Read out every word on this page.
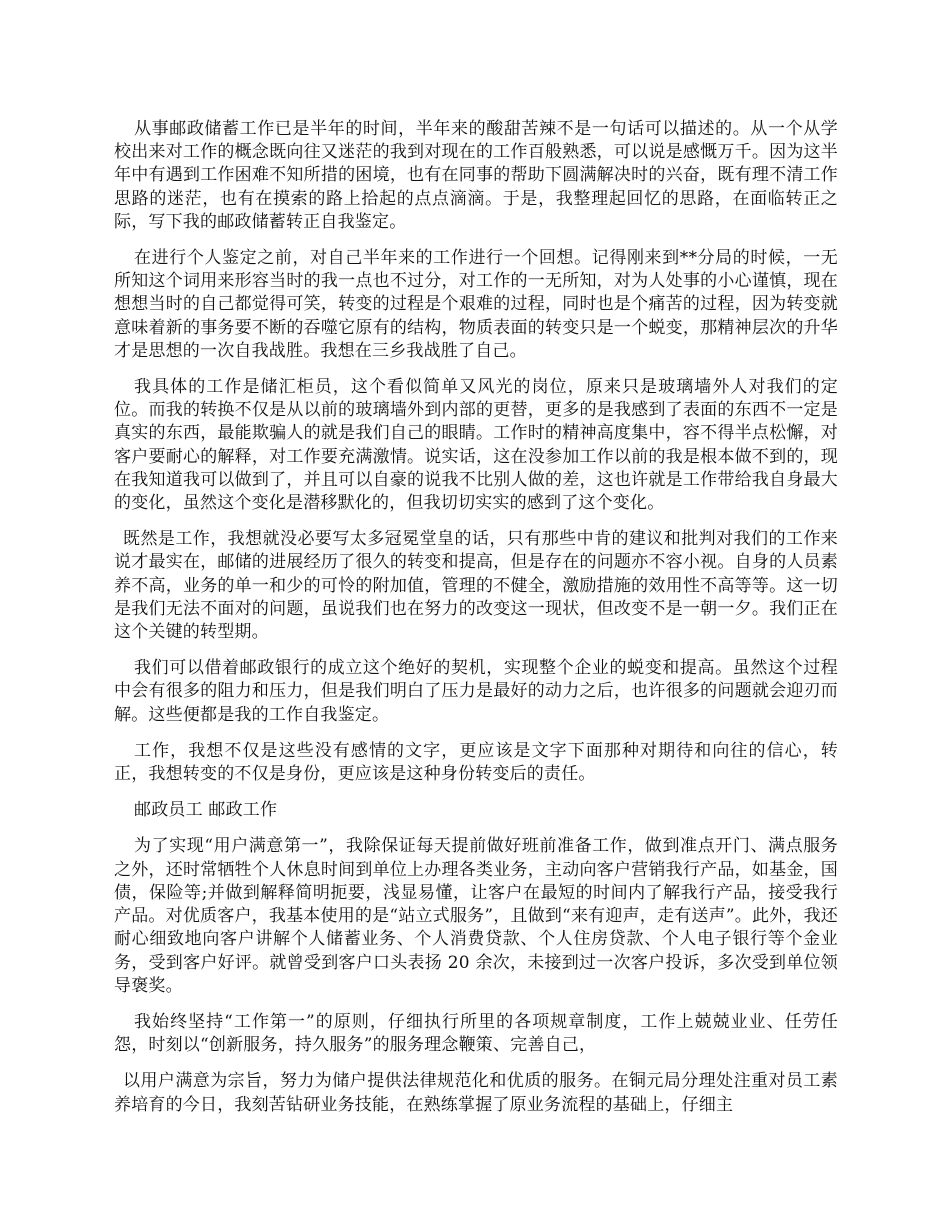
从事邮政储蓄工作已是半年的时间，半年来的酸甜苦辣不是一句话可以描述的。从一个从学校出来对工作的概念既向往又迷茫的我到对现在的工作百般熟悉，可以说是感慨万千。因为这半年中有遇到工作困难不知所措的困境，也有在同事的帮助下圆满解决时的兴奋，既有理不清工作思路的迷茫，也有在摸索的路上拾起的点点滴滴。于是，我整理起回忆的思路，在面临转正之际，写下我的邮政储蓄转正自我鉴定。

在进行个人鉴定之前，对自己半年来的工作进行一个回想。记得刚来到**分局的时候，一无所知这个词用来形容当时的我一点也不过分，对工作的一无所知，对为人处事的小心谨慎，现在想想当时的自己都觉得可笑，转变的过程是个艰难的过程，同时也是个痛苦的过程，因为转变就意味着新的事务要不断的吞噬它原有的结构，物质表面的转变只是一个蜕变，那精神层次的升华才是思想的一次自我战胜。我想在三乡我战胜了自己。

我具体的工作是储汇柜员，这个看似简单又风光的岗位，原来只是玻璃墙外人对我们的定位。而我的转换不仅是从以前的玻璃墙外到内部的更替，更多的是我感到了表面的东西不一定是真实的东西，最能欺骗人的就是我们自己的眼睛。工作时的精神高度集中，容不得半点松懈，对客户要耐心的解释，对工作要充满激情。说实话，这在没参加工作以前的我是根本做不到的，现在我知道我可以做到了，并且可以自豪的说我不比别人做的差，这也许就是工作带给我自身最大的变化，虽然这个变化是潜移默化的，但我切切实实的感到了这个变化。

既然是工作，我想就没必要写太多冠冕堂皇的话，只有那些中肯的建议和批判对我们的工作来说才最实在，邮储的进展经历了很久的转变和提高，但是存在的问题亦不容小视。自身的人员素养不高，业务的单一和少的可怜的附加值，管理的不健全，激励措施的效用性不高等等。这一切是我们无法不面对的问题，虽说我们也在努力的改变这一现状，但改变不是一朝一夕。我们正在这个关键的转型期。

我们可以借着邮政银行的成立这个绝好的契机，实现整个企业的蜕变和提高。虽然这个过程中会有很多的阻力和压力，但是我们明白了压力是最好的动力之后，也许很多的问题就会迎刃而解。这些便都是我的工作自我鉴定。

工作，我想不仅是这些没有感情的文字，更应该是文字下面那种对期待和向往的信心，转正，我想转变的不仅是身份，更应该是这种身份转变后的责任。

邮政员工 邮政工作

为了实现“用户满意第一”，我除保证每天提前做好班前准备工作，做到准点开门、满点服务之外，还时常牺牲个人休息时间到单位上办理各类业务，主动向客户营销我行产品，如基金，国债，保险等;并做到解释简明扼要，浅显易懂，让客户在最短的时间内了解我行产品，接受我行产品。对优质客户，我基本使用的是“站立式服务”，且做到“来有迎声，走有送声”。此外，我还耐心细致地向客户讲解个人储蓄业务、个人消费贷款、个人住房贷款、个人电子银行等个金业务，受到客户好评。就曾受到客户口头表扬 20 余次，未接到过一次客户投诉，多次受到单位领导褒奖。

我始终坚持“工作第一”的原则，仔细执行所里的各项规章制度，工作上兢兢业业、任劳任怨，时刻以“创新服务，持久服务”的服务理念鞭策、完善自己，

以用户满意为宗旨，努力为储户提供法律规范化和优质的服务。在铜元局分理处注重对员工素养培育的今日，我刻苦钻研业务技能，在熟练掌握了原业务流程的基础上，仔细主
